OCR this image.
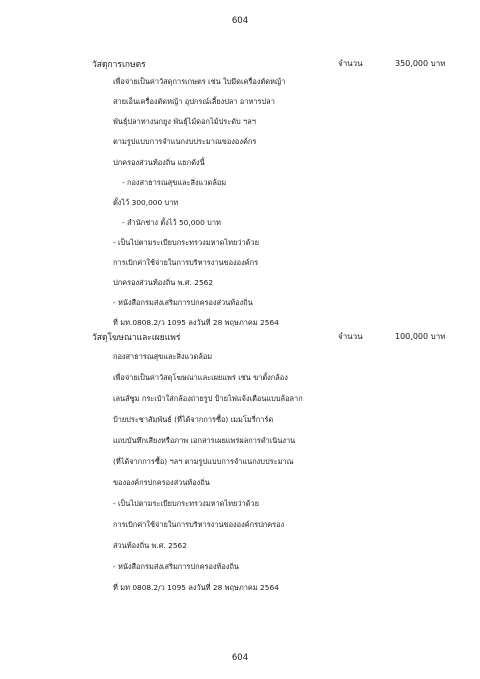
604
วัสดุการเกษตร	จำนวน	350,000 บาท
เพื่อจ่ายเป็นค่าวัสดุการเกษตร เช่น ใบมีดเครื่องตัดหญ้า
สายเอ็นเครื่องตัดหญ้า อุปกรณ์เลี้ยงปลา อาหารปลา
พันธุ์ปลาทางนกยูง พันธุ์ไม้ดอกไม้ประดับ ฯลฯ
ตามรูปแบบการจำแนกงบประมาณขององค์กร
ปกครองส่วนท้องถิ่น แยกดังนี้
- กองสาธารณสุขและสิ่งแวดล้อม
ตั้งไว้ 300,000 บาท
- สำนักช่าง ตั้งไว้ 50,000 บาท
- เป็นไปตามระเบียบกระทรวงมหาดไทยว่าด้วย
การเบิกค่าใช้จ่ายในการบริหารงานขององค์กร
ปกครองส่วนท้องถิ่น พ.ศ. 2562
- หนังสือกรมส่งเสริมการปกครองส่วนท้องถิ่น
ที่ มท.0808.2/ว 1095 ลงวันที่ 28 พฤษภาคม 2564
วัสดุโฆษณาและเผยแพร่	จำนวน	100,000 บาท
กองสาธารณสุขและสิ่งแวดล้อม
เพื่อจ่ายเป็นค่าวัสดุโฆษณาและเผยแพร่ เช่น ขาตั้งกล้อง
เลนส์ซูม กระเป๋าใส่กล้องถ่ายรูป ป้ายไฟแจ้งเตือนแบบล้อลาก
ป้ายประชาสัมพันธ์ (ที่ได้จากการซื้อ) เมมโมรี่การ์ด
แถบบันทึกเสียงหรือภาพ เอกสารเผยแพร่ผลการดำเนินงาน
(ที่ได้จากการซื้อ) ฯลฯ ตามรูปแบบการจำแนกงบประมาณ
ขององค์กรปกครองส่วนท้องถิ่น
- เป็นไปตามระเบียบกระทรวงมหาดไทยว่าด้วย
การเบิกค่าใช้จ่ายในการบริหารงานขององค์กรปกครอง
ส่วนท้องถิ่น พ.ศ. 2562
- หนังสือกรมส่งเสริมการปกครองท้องถิ่น
ที่ มท 0808.2/ว 1095 ลงวันที่ 28 พฤษภาคม 2564
604
